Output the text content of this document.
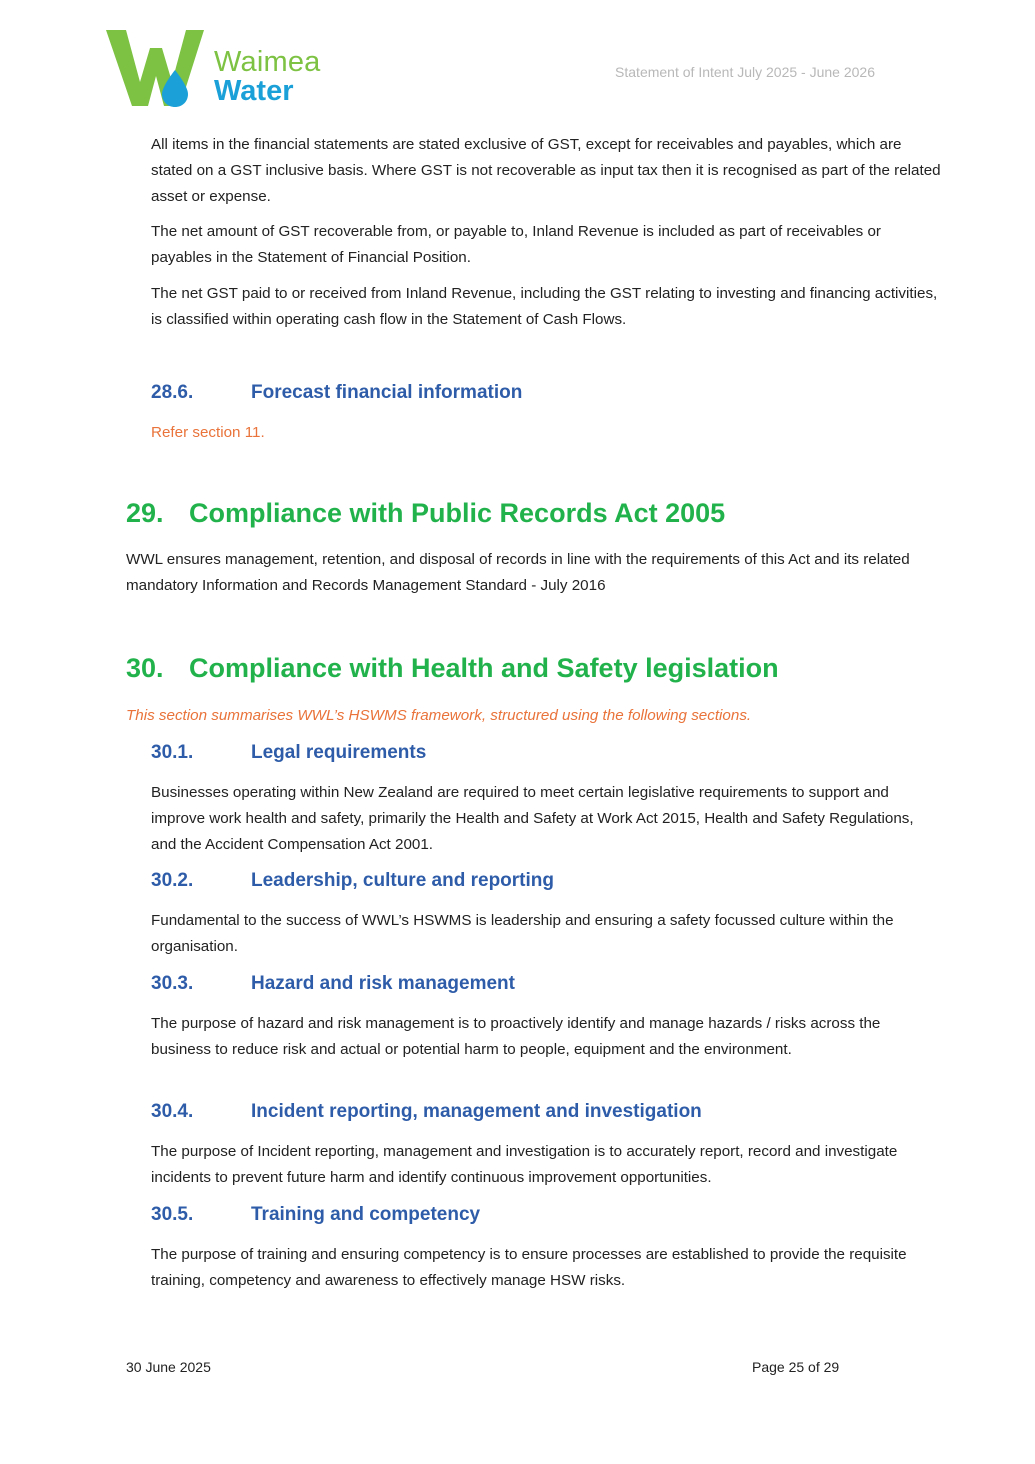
Waimea
Water
Statement of Intent July 2025 - June 2026
All items in the financial statements are stated exclusive of GST, except for receivables and payables, which are stated on a GST inclusive basis. Where GST is not recoverable as input tax then it is recognised as part of the related asset or expense.
The net amount of GST recoverable from, or payable to, Inland Revenue is included as part of receivables or payables in the Statement of Financial Position.
The net GST paid to or received from Inland Revenue, including the GST relating to investing and financing activities, is classified within operating cash flow in the Statement of Cash Flows.
28.6.	Forecast financial information
Refer section 11.
29. Compliance with Public Records Act 2005
WWL ensures management, retention, and disposal of records in line with the requirements of this Act and its related mandatory Information and Records Management Standard - July 2016
30. Compliance with Health and Safety legislation
This section summarises WWL’s HSWMS framework, structured using the following sections.
30.1.	Legal requirements
Businesses operating within New Zealand are required to meet certain legislative requirements to support and improve work health and safety, primarily the Health and Safety at Work Act 2015, Health and Safety Regulations, and the Accident Compensation Act 2001.
30.2.	Leadership, culture and reporting
Fundamental to the success of WWL’s HSWMS is leadership and ensuring a safety focussed culture within the organisation.
30.3.	Hazard and risk management
The purpose of hazard and risk management is to proactively identify and manage hazards / risks across the business to reduce risk and actual or potential harm to people, equipment and the environment.
30.4.	Incident reporting, management and investigation
The purpose of Incident reporting, management and investigation is to accurately report, record and investigate incidents to prevent future harm and identify continuous improvement opportunities.
30.5.	Training and competency
The purpose of training and ensuring competency is to ensure processes are established to provide the requisite training, competency and awareness to effectively manage HSW risks.
30 June 2025	Page 25 of 29
